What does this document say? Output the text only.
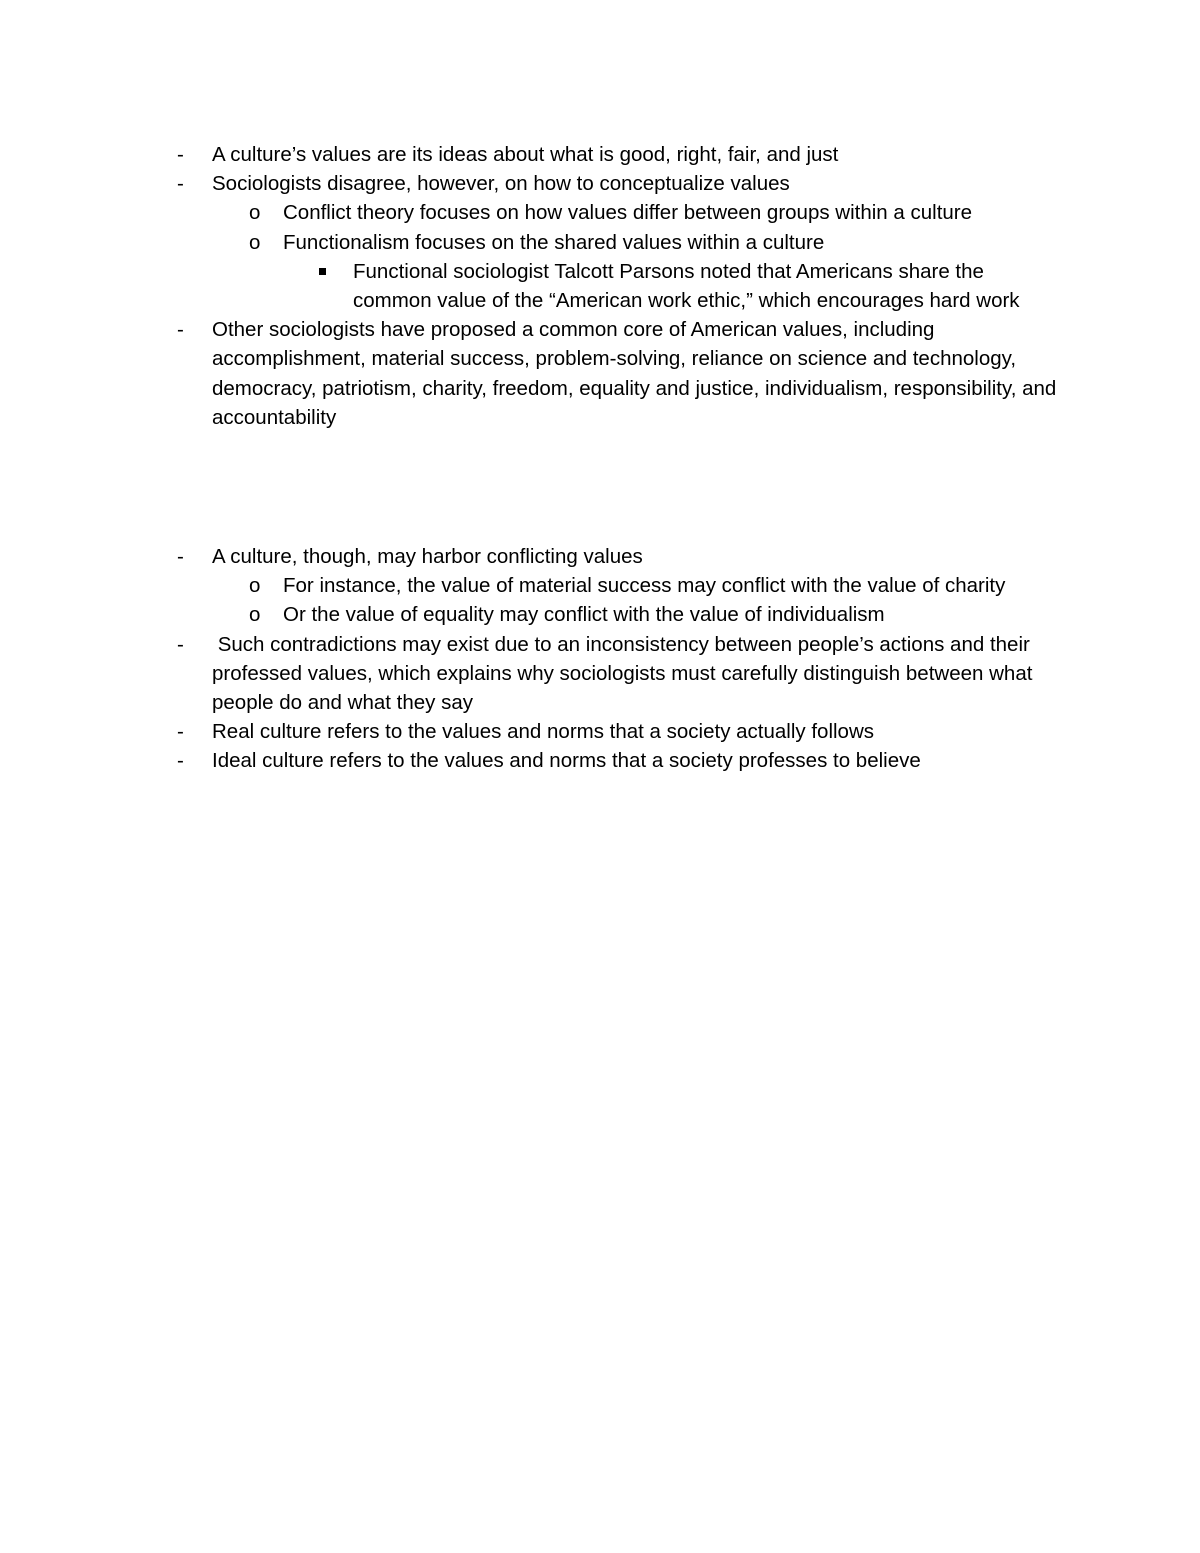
- A culture’s values are its ideas about what is good, right, fair, and just
- Sociologists disagree, however, on how to conceptualize values
o Conflict theory focuses on how values differ between groups within a culture
o Functionalism focuses on the shared values within a culture
Functional sociologist Talcott Parsons noted that Americans share the common value of the “American work ethic,” which encourages hard work
- Other sociologists have proposed a common core of American values, including accomplishment, material success, problem-solving, reliance on science and technology, democracy, patriotism, charity, freedom, equality and justice, individualism, responsibility, and accountability
- A culture, though, may harbor conflicting values
o For instance, the value of material success may conflict with the value of charity
o Or the value of equality may conflict with the value of individualism
- Such contradictions may exist due to an inconsistency between people’s actions and their professed values, which explains why sociologists must carefully distinguish between what people do and what they say
- Real culture refers to the values and norms that a society actually follows
- Ideal culture refers to the values and norms that a society professes to believe
